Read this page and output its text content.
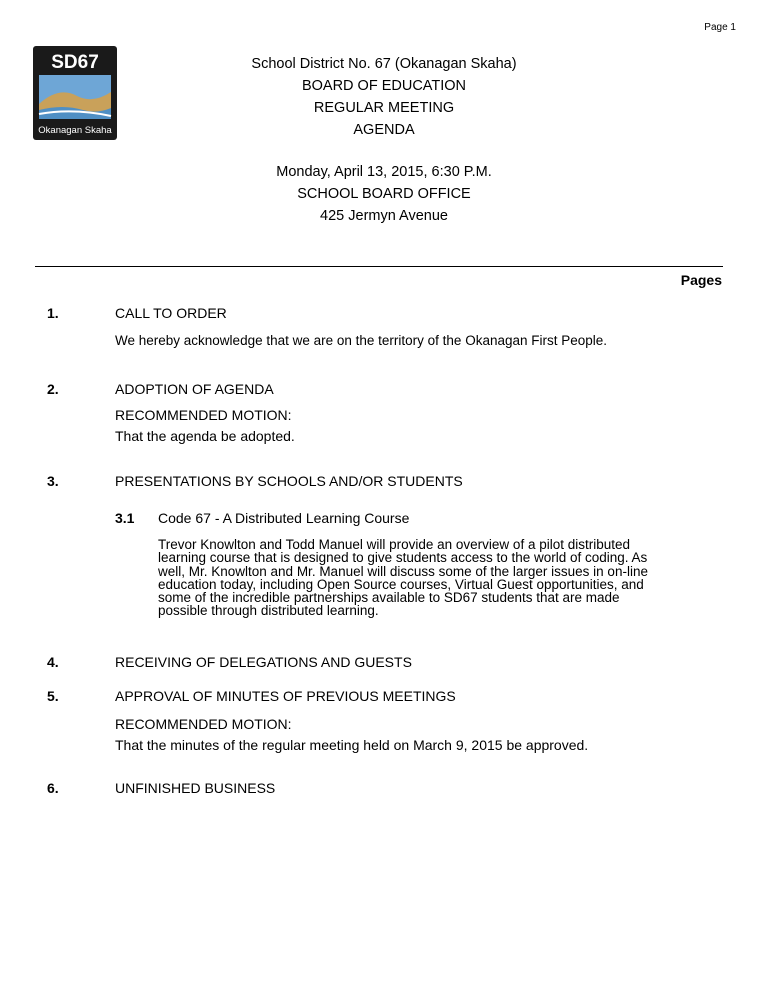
Page 1
SD67
Okanagan Skaha
School District No. 67 (Okanagan Skaha)
BOARD OF EDUCATION
REGULAR MEETING
AGENDA
Monday, April 13, 2015, 6:30 P.M.
SCHOOL BOARD OFFICE
425 Jermyn Avenue
Pages
1.	CALL TO ORDER
We hereby acknowledge that we are on the territory of the Okanagan First People.
2.	ADOPTION OF AGENDA
RECOMMENDED MOTION:
That the agenda be adopted.
3.	PRESENTATIONS BY SCHOOLS AND/OR STUDENTS
3.1 Code 67 - A Distributed Learning Course
Trevor Knowlton and Todd Manuel will provide an overview of a pilot distributed learning course that is designed to give students access to the world of coding. As well, Mr. Knowlton and Mr. Manuel will discuss some of the larger issues in on-line education today, including Open Source courses, Virtual Guest opportunities, and some of the incredible partnerships available to SD67 students that are made possible through distributed learning.
4.	RECEIVING OF DELEGATIONS AND GUESTS
5.	APPROVAL OF MINUTES OF PREVIOUS MEETINGS
RECOMMENDED MOTION:
That the minutes of the regular meeting held on March 9, 2015 be approved.
6.	UNFINISHED BUSINESS
